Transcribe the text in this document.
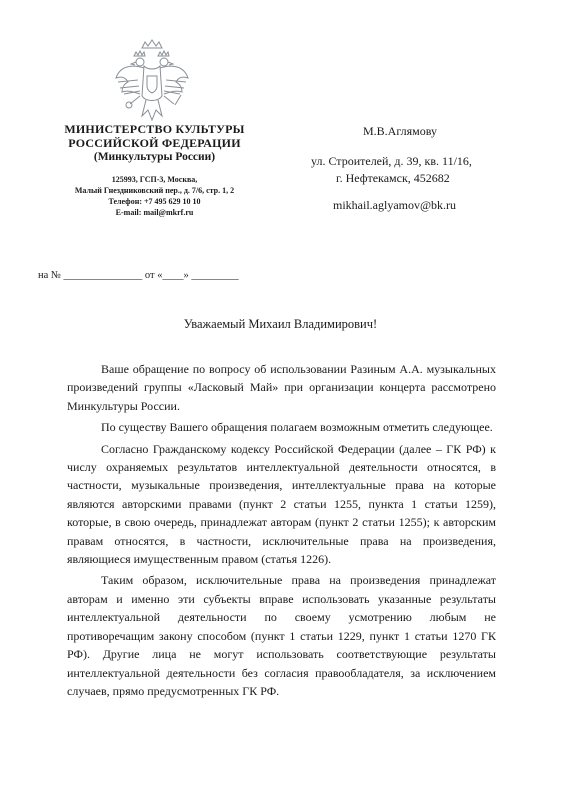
МИНИСТЕРСТВО КУЛЬТУРЫ
РОССИЙСКОЙ ФЕДЕРАЦИИ
(Минкультуры России)
125993, ГСП-3, Москва,
Малый Гнездниковский пер., д. 7/6, стр. 1, 2
Телефон: +7 495 629 10 10
E-mail: mail@mkrf.ru
М.В.Аглямову
ул. Строителей, д. 39, кв. 11/16,
г. Нефтекамск, 452682
mikhail.aglyamov@bk.ru
на № _______________ от «____» _________
Уважаемый Михаил Владимирович!

Ваше обращение по вопросу об использовании Разиным А.А. музыкальных произведений группы «Ласковый Май» при организации концерта рассмотрено Минкультуры России.

По существу Вашего обращения полагаем возможным отметить следующее.

Согласно Гражданскому кодексу Российской Федерации (далее – ГК РФ) к числу охраняемых результатов интеллектуальной деятельности относятся, в частности, музыкальные произведения, интеллектуальные права на которые являются авторскими правами (пункт 2 статьи 1255, пункта 1 статьи 1259), которые, в свою очередь, принадлежат авторам (пункт 2 статьи 1255); к авторским правам относятся, в частности, исключительные права на произведения, являющиеся имущественным правом (статья 1226).

Таким образом, исключительные права на произведения принадлежат авторам и именно эти субъекты вправе использовать указанные результаты интеллектуальной деятельности по своему усмотрению любым не противоречащим закону способом (пункт 1 статьи 1229, пункт 1 статьи 1270 ГК РФ). Другие лица не могут использовать соответствующие результаты интеллектуальной деятельности без согласия правообладателя, за исключением случаев, прямо предусмотренных ГК РФ.
